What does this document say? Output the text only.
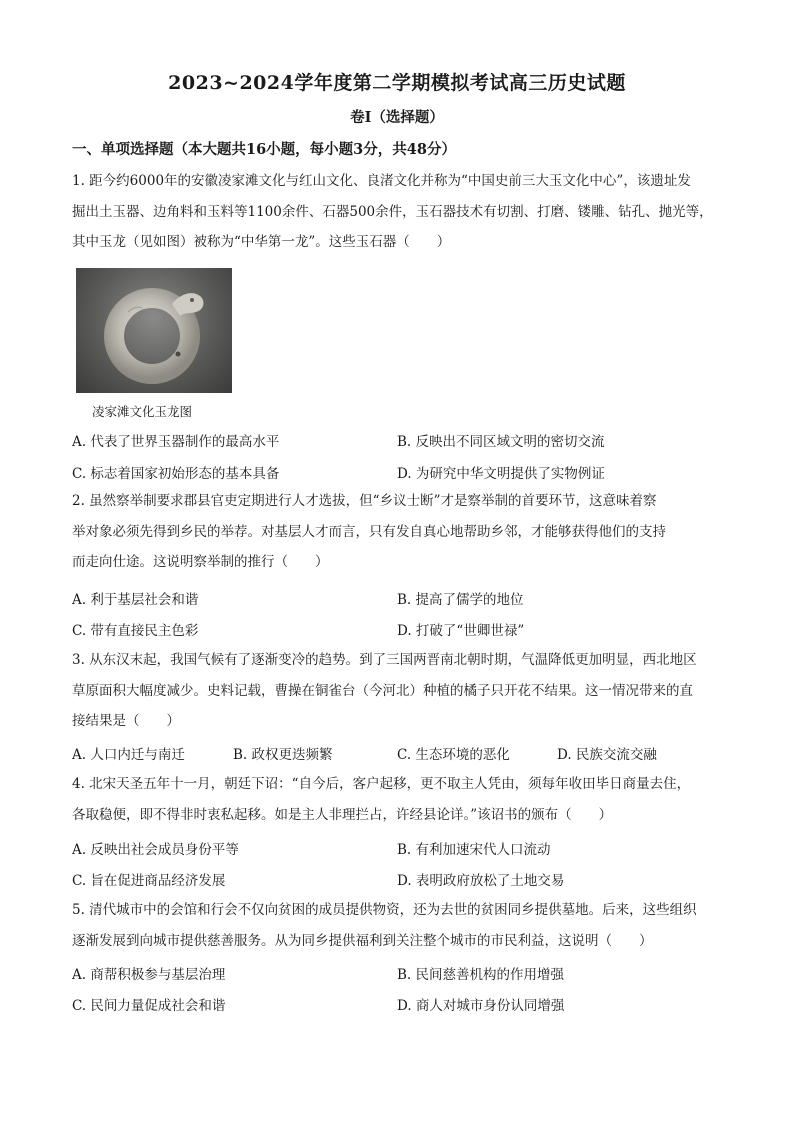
2023~2024学年度第二学期模拟考试高三历史试题
卷Ⅰ（选择题）
一、单项选择题（本大题共16小题，每小题3分，共48分）
1. 距今约6000年的安徽凌家滩文化与红山文化、良渚文化并称为“中国史前三大玉文化中心”，该遗址发
掘出土玉器、边角料和玉料等1100余件、石器500余件，玉石器技术有切割、打磨、镂雕、钻孔、抛光等，
其中玉龙（见如图）被称为“中华第一龙”。这些玉石器（　　）
凌家滩文化玉龙图
A. 代表了世界玉器制作的最高水平	B. 反映出不同区域文明的密切交流
C. 标志着国家初始形态的基本具备	D. 为研究中华文明提供了实物例证
2. 虽然察举制要求郡县官吏定期进行人才选拔，但“乡议士断”才是察举制的首要环节，这意味着察
举对象必须先得到乡民的举荐。对基层人才而言，只有发自真心地帮助乡邻，才能够获得他们的支持
而走向仕途。这说明察举制的推行（　　）
A. 利于基层社会和谐	B. 提高了儒学的地位
C. 带有直接民主色彩	D. 打破了“世卿世禄”
3. 从东汉末起，我国气候有了逐渐变冷的趋势。到了三国两晋南北朝时期，气温降低更加明显，西北地区
草原面积大幅度减少。史料记载，曹操在铜雀台（今河北）种植的橘子只开花不结果。这一情况带来的直
接结果是（　　）
A. 人口内迁与南迁	B. 政权更迭频繁	C. 生态环境的恶化	D. 民族交流交融
4. 北宋天圣五年十一月，朝廷下诏：“自今后，客户起移，更不取主人凭由，须每年收田毕日商量去住，
各取稳便，即不得非时衷私起移。如是主人非理拦占，许经县论详。”该诏书的颁布（　　）
A. 反映出社会成员身份平等	B. 有利加速宋代人口流动
C. 旨在促进商品经济发展	D. 表明政府放松了土地交易
5. 清代城市中的会馆和行会不仅向贫困的成员提供物资，还为去世的贫困同乡提供墓地。后来，这些组织
逐渐发展到向城市提供慈善服务。从为同乡提供福利到关注整个城市的市民利益，这说明（　　）
A. 商帮积极参与基层治理	B. 民间慈善机构的作用增强
C. 民间力量促成社会和谐	D. 商人对城市身份认同增强
